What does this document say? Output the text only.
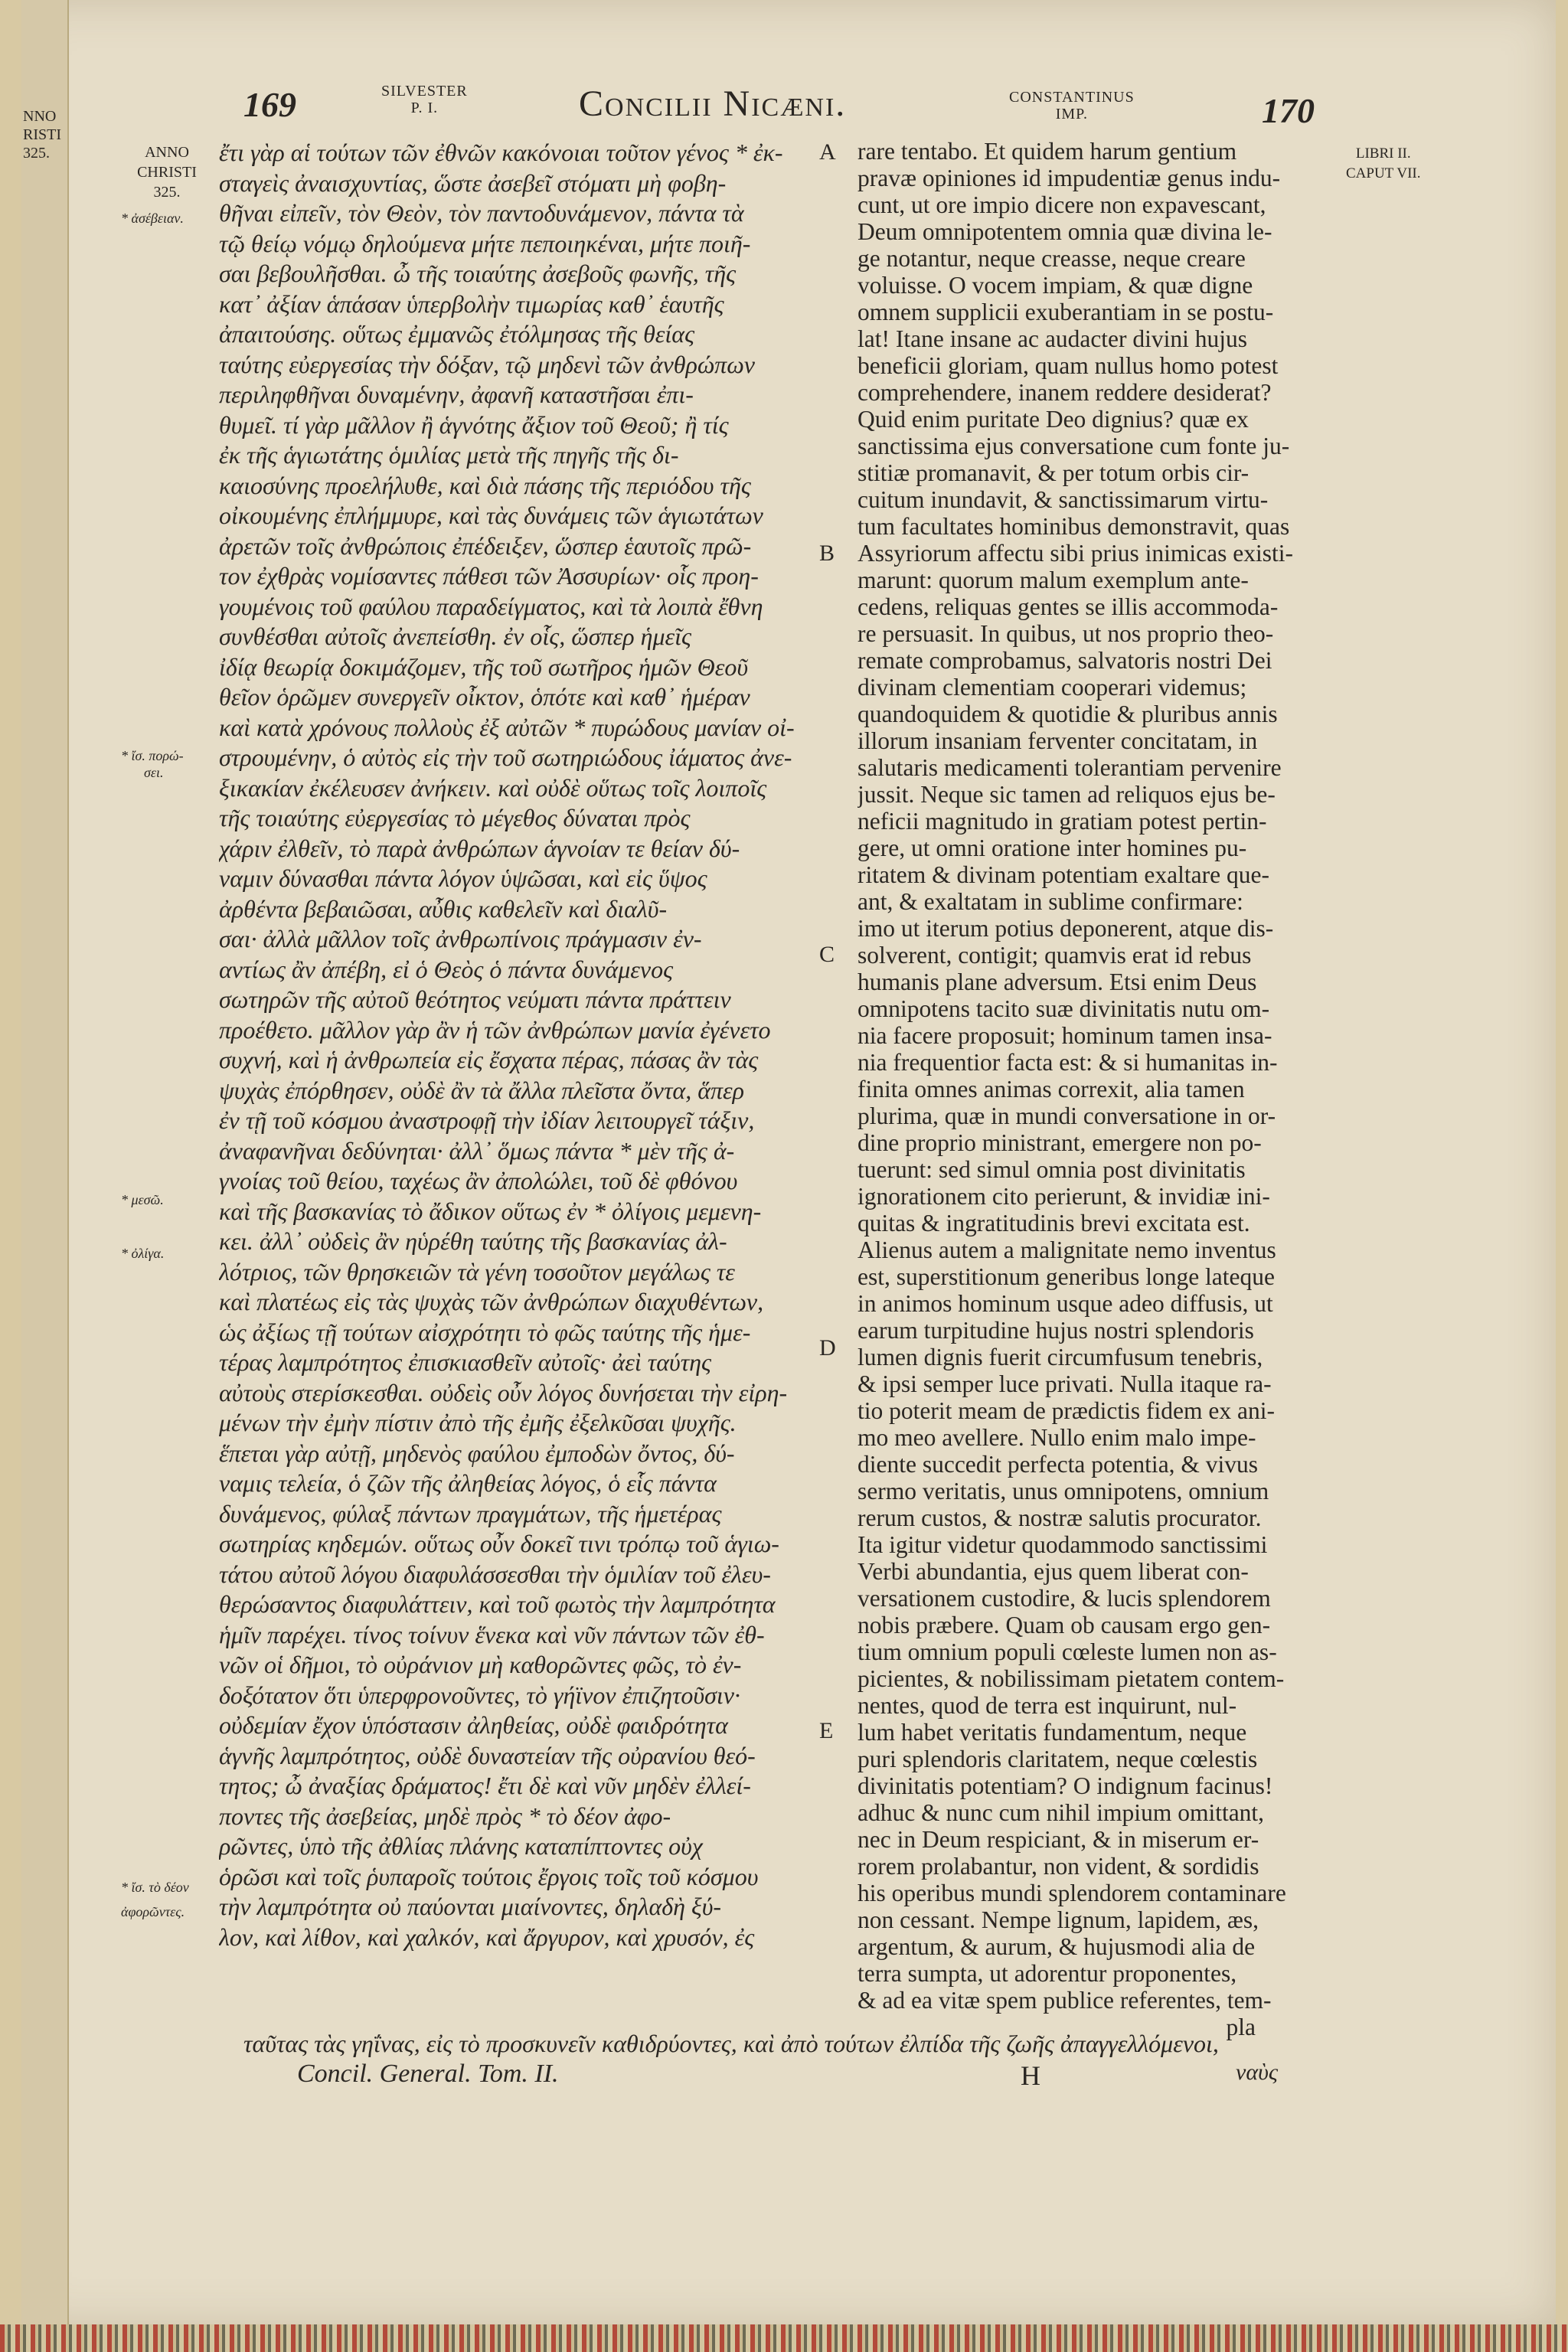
NNO
RISTI
325.
169	SILVESTER
P. I.	Concilii Nicæni.	CONSTANTINUS
IMP.	170
LIBRI II.
CAPUT VII.
ANNO
CHRISTI
325.
* ἀσέβειαν.
* ἴσ. πορώ-
σει.
* μεσῶ.
* ὀλίγα.
* ἴσ. τὸ δέον
ἀφορῶντες.
ἔτι γὰρ αἱ τούτων τῶν ἐθνῶν κακόνοιαι τοῦτον γένος * ἐκ-
σταγεὶς ἀναισχυντίας, ὥστε ἀσεβεῖ στόματι μὴ φοβη-
θῆναι εἰπεῖν, τὸν Θεὸν, τὸν παντοδυνάμενον, πάντα τὰ
τῷ θείῳ νόμῳ δηλούμενα μήτε πεποιηκέναι, μήτε ποιῆ-
σαι βεβουλῆσθαι. ὦ τῆς τοιαύτης ἀσεβοῦς φωνῆς, τῆς
κατ᾽ ἀξίαν ἁπάσαν ὑπερβολὴν τιμωρίας καθ᾽ ἑαυτῆς
ἀπαιτούσης. οὕτως ἐμμανῶς ἐτόλμησας τῆς θείας
ταύτης εὐεργεσίας τὴν δόξαν, τῷ μηδενὶ τῶν ἀνθρώπων
περιληφθῆναι δυναμένην, ἀφανῆ καταστῆσαι ἐπι-
θυμεῖ. τί γὰρ μᾶλλον ἢ ἁγνότης ἄξιον τοῦ Θεοῦ; ἢ τίς
ἐκ τῆς ἁγιωτάτης ὁμιλίας μετὰ τῆς πηγῆς τῆς δι-
καιοσύνης προελήλυθε, καὶ διὰ πάσης τῆς περιόδου τῆς
οἰκουμένης ἐπλήμμυρε, καὶ τὰς δυνάμεις τῶν ἁγιωτάτων
ἀρετῶν τοῖς ἀνθρώποις ἐπέδειξεν, ὥσπερ ἑαυτοῖς πρῶ-
τον ἐχθρὰς νομίσαντες πάθεσι τῶν Ἀσσυρίων· οἷς προη-
γουμένοις τοῦ φαύλου παραδείγματος, καὶ τὰ λοιπὰ ἔθνη
συνθέσθαι αὐτοῖς ἀνεπείσθη. ἐν οἷς, ὥσπερ ἡμεῖς
ἰδίᾳ θεωρίᾳ δοκιμάζομεν, τῆς τοῦ σωτῆρος ἡμῶν Θεοῦ
θεῖον ὁρῶμεν συνεργεῖν οἶκτον, ὁπότε καὶ καθ᾽ ἡμέραν
καὶ κατὰ χρόνους πολλοὺς ἐξ αὐτῶν * πυρώδους μανίαν οἰ-
στρουμένην, ὁ αὐτὸς εἰς τὴν τοῦ σωτηριώδους ἰάματος ἀνε-
ξικακίαν ἐκέλευσεν ἀνήκειν. καὶ οὐδὲ οὕτως τοῖς λοιποῖς
τῆς τοιαύτης εὐεργεσίας τὸ μέγεθος δύναται πρὸς
χάριν ἐλθεῖν, τὸ παρὰ ἀνθρώπων ἁγνοίαν τε θείαν δύ-
ναμιν δύνασθαι πάντα λόγον ὑψῶσαι, καὶ εἰς ὕψος
ἀρθέντα βεβαιῶσαι, αὖθις καθελεῖν καὶ διαλῦ-
σαι· ἀλλὰ μᾶλλον τοῖς ἀνθρωπίνοις πράγμασιν ἐν-
αντίως ἂν ἀπέβη, εἰ ὁ Θεὸς ὁ πάντα δυνάμενος
σωτηρῶν τῆς αὐτοῦ θεότητος νεύματι πάντα πράττειν
προέθετο. μᾶλλον γὰρ ἂν ἡ τῶν ἀνθρώπων μανία ἐγένετο
συχνή, καὶ ἡ ἀνθρωπεία εἰς ἔσχατα πέρας, πάσας ἂν τὰς
ψυχὰς ἐπόρθησεν, οὐδὲ ἂν τὰ ἄλλα πλεῖστα ὄντα, ἅπερ
ἐν τῇ τοῦ κόσμου ἀναστροφῇ τὴν ἰδίαν λειτουργεῖ τάξιν,
ἀναφανῆναι δεδύνηται· ἀλλ᾽ ὅμως πάντα * μὲν τῆς ἀ-
γνοίας τοῦ θείου, ταχέως ἂν ἀπολώλει, τοῦ δὲ φθόνου
καὶ τῆς βασκανίας τὸ ἄδικον οὕτως ἐν * ὀλίγοις μεμενη-
κει. ἀλλ᾽ οὐδεὶς ἂν ηὑρέθη ταύτης τῆς βασκανίας ἀλ-
λότριος, τῶν θρησκειῶν τὰ γένη τοσοῦτον μεγάλως τε
καὶ πλατέως εἰς τὰς ψυχὰς τῶν ἀνθρώπων διαχυθέντων,
ὡς ἀξίως τῇ τούτων αἰσχρότητι τὸ φῶς ταύτης τῆς ἡμε-
τέρας λαμπρότητος ἐπισκιασθεῖν αὐτοῖς· ἀεὶ ταύτης
αὐτοὺς στερίσκεσθαι. οὐδεὶς οὖν λόγος δυνήσεται τὴν εἰρη-
μένων τὴν ἐμὴν πίστιν ἀπὸ τῆς ἐμῆς ἐξελκῦσαι ψυχῆς.
ἕπεται γὰρ αὐτῇ, μηδενὸς φαύλου ἐμποδὼν ὄντος, δύ-
ναμις τελεία, ὁ ζῶν τῆς ἀληθείας λόγος, ὁ εἷς πάντα
δυνάμενος, φύλαξ πάντων πραγμάτων, τῆς ἡμετέρας
σωτηρίας κηδεμών. οὕτως οὖν δοκεῖ τινι τρόπῳ τοῦ ἁγιω-
τάτου αὐτοῦ λόγου διαφυλάσσεσθαι τὴν ὁμιλίαν τοῦ ἐλευ-
θερώσαντος διαφυλάττειν, καὶ τοῦ φωτὸς τὴν λαμπρότητα
ἡμῖν παρέχει. τίνος τοίνυν ἕνεκα καὶ νῦν πάντων τῶν ἐθ-
νῶν οἱ δῆμοι, τὸ οὐράνιον μὴ καθορῶντες φῶς, τὸ ἐν-
δοξότατον ὅτι ὑπερφρονοῦντες, τὸ γήϊνον ἐπιζητοῦσιν·
οὐδεμίαν ἔχον ὑπόστασιν ἀληθείας, οὐδὲ φαιδρότητα
ἁγνῆς λαμπρότητος, οὐδὲ δυναστείαν τῆς οὐρανίου θεό-
τητος; ὦ ἀναξίας δράματος! ἔτι δὲ καὶ νῦν μηδὲν ἐλλεί-
ποντες τῆς ἀσεβείας, μηδὲ πρὸς * τὸ δέον ἀφο-
ρῶντες, ὑπὸ τῆς ἀθλίας πλάνης καταπίπτοντες οὐχ
ὁρῶσι καὶ τοῖς ῥυπαροῖς τούτοις ἔργοις τοῖς τοῦ κόσμου
τὴν λαμπρότητα οὐ παύονται μιαίνοντες, δηλαδὴ ξύ-
λον, καὶ λίθον, καὶ χαλκόν, καὶ ἄργυρον, καὶ χρυσόν, ἐς
A
B
C
D
E
rare tentabo. Et quidem harum gentium
pravæ opiniones id impudentiæ genus indu-
cunt, ut ore impio dicere non expavescant,
Deum omnipotentem omnia quæ divina le-
ge notantur, neque creasse, neque creare
voluisse. O vocem impiam, & quæ digne
omnem supplicii exuberantiam in se postu-
lat! Itane insane ac audacter divini hujus
beneficii gloriam, quam nullus homo potest
comprehendere, inanem reddere desiderat?
Quid enim puritate Deo dignius? quæ ex
sanctissima ejus conversatione cum fonte ju-
stitiæ promanavit, & per totum orbis cir-
cuitum inundavit, & sanctissimarum virtu-
tum facultates hominibus demonstravit, quas
Assyriorum affectu sibi prius inimicas existi-
marunt: quorum malum exemplum ante-
cedens, reliquas gentes se illis accommoda-
re persuasit. In quibus, ut nos proprio theo-
remate comprobamus, salvatoris nostri Dei
divinam clementiam cooperari videmus;
quandoquidem & quotidie & pluribus annis
illorum insaniam ferventer concitatam, in
salutaris medicamenti tolerantiam pervenire
jussit. Neque sic tamen ad reliquos ejus be-
neficii magnitudo in gratiam potest pertin-
gere, ut omni oratione inter homines pu-
ritatem & divinam potentiam exaltare que-
ant, & exaltatam in sublime confirmare:
imo ut iterum potius deponerent, atque dis-
solverent, contigit; quamvis erat id rebus
humanis plane adversum. Etsi enim Deus
omnipotens tacito suæ divinitatis nutu om-
nia facere proposuit; hominum tamen insa-
nia frequentior facta est: & si humanitas in-
finita omnes animas correxit, alia tamen
plurima, quæ in mundi conversatione in or-
dine proprio ministrant, emergere non po-
tuerunt: sed simul omnia post divinitatis
ignorationem cito perierunt, & invidiæ ini-
quitas & ingratitudinis brevi excitata est.
Alienus autem a malignitate nemo inventus
est, superstitionum generibus longe lateque
in animos hominum usque adeo diffusis, ut
earum turpitudine hujus nostri splendoris
lumen dignis fuerit circumfusum tenebris,
& ipsi semper luce privati. Nulla itaque ra-
tio poterit meam de prædictis fidem ex ani-
mo meo avellere. Nullo enim malo impe-
diente succedit perfecta potentia, & vivus
sermo veritatis, unus omnipotens, omnium
rerum custos, & nostræ salutis procurator.
Ita igitur videtur quodammodo sanctissimi
Verbi abundantia, ejus quem liberat con-
versationem custodire, & lucis splendorem
nobis præbere. Quam ob causam ergo gen-
tium omnium populi cœleste lumen non as-
picientes, & nobilissimam pietatem contem-
nentes, quod de terra est inquirunt, nul-
lum habet veritatis fundamentum, neque
puri splendoris claritatem, neque cœlestis
divinitatis potentiam? O indignum facinus!
adhuc & nunc cum nihil impium omittant,
nec in Deum respiciant, & in miserum er-
rorem prolabantur, non vident, & sordidis
his operibus mundi splendorem contaminare
non cessant. Nempe lignum, lapidem, æs,
argentum, & aurum, & hujusmodi alia de
terra sumpta, ut adorentur proponentes,
& ad ea vitæ spem publice referentes, tem-
pla
ταῦτας τὰς γηΐνας, εἰς τὸ προσκυνεῖν καθιδρύοντες, καὶ ἀπὸ τούτων ἐλπίδα τῆς ζωῆς ἀπαγγελλόμενοι,
Concil. General. Tom. II.	H	ναὺς
